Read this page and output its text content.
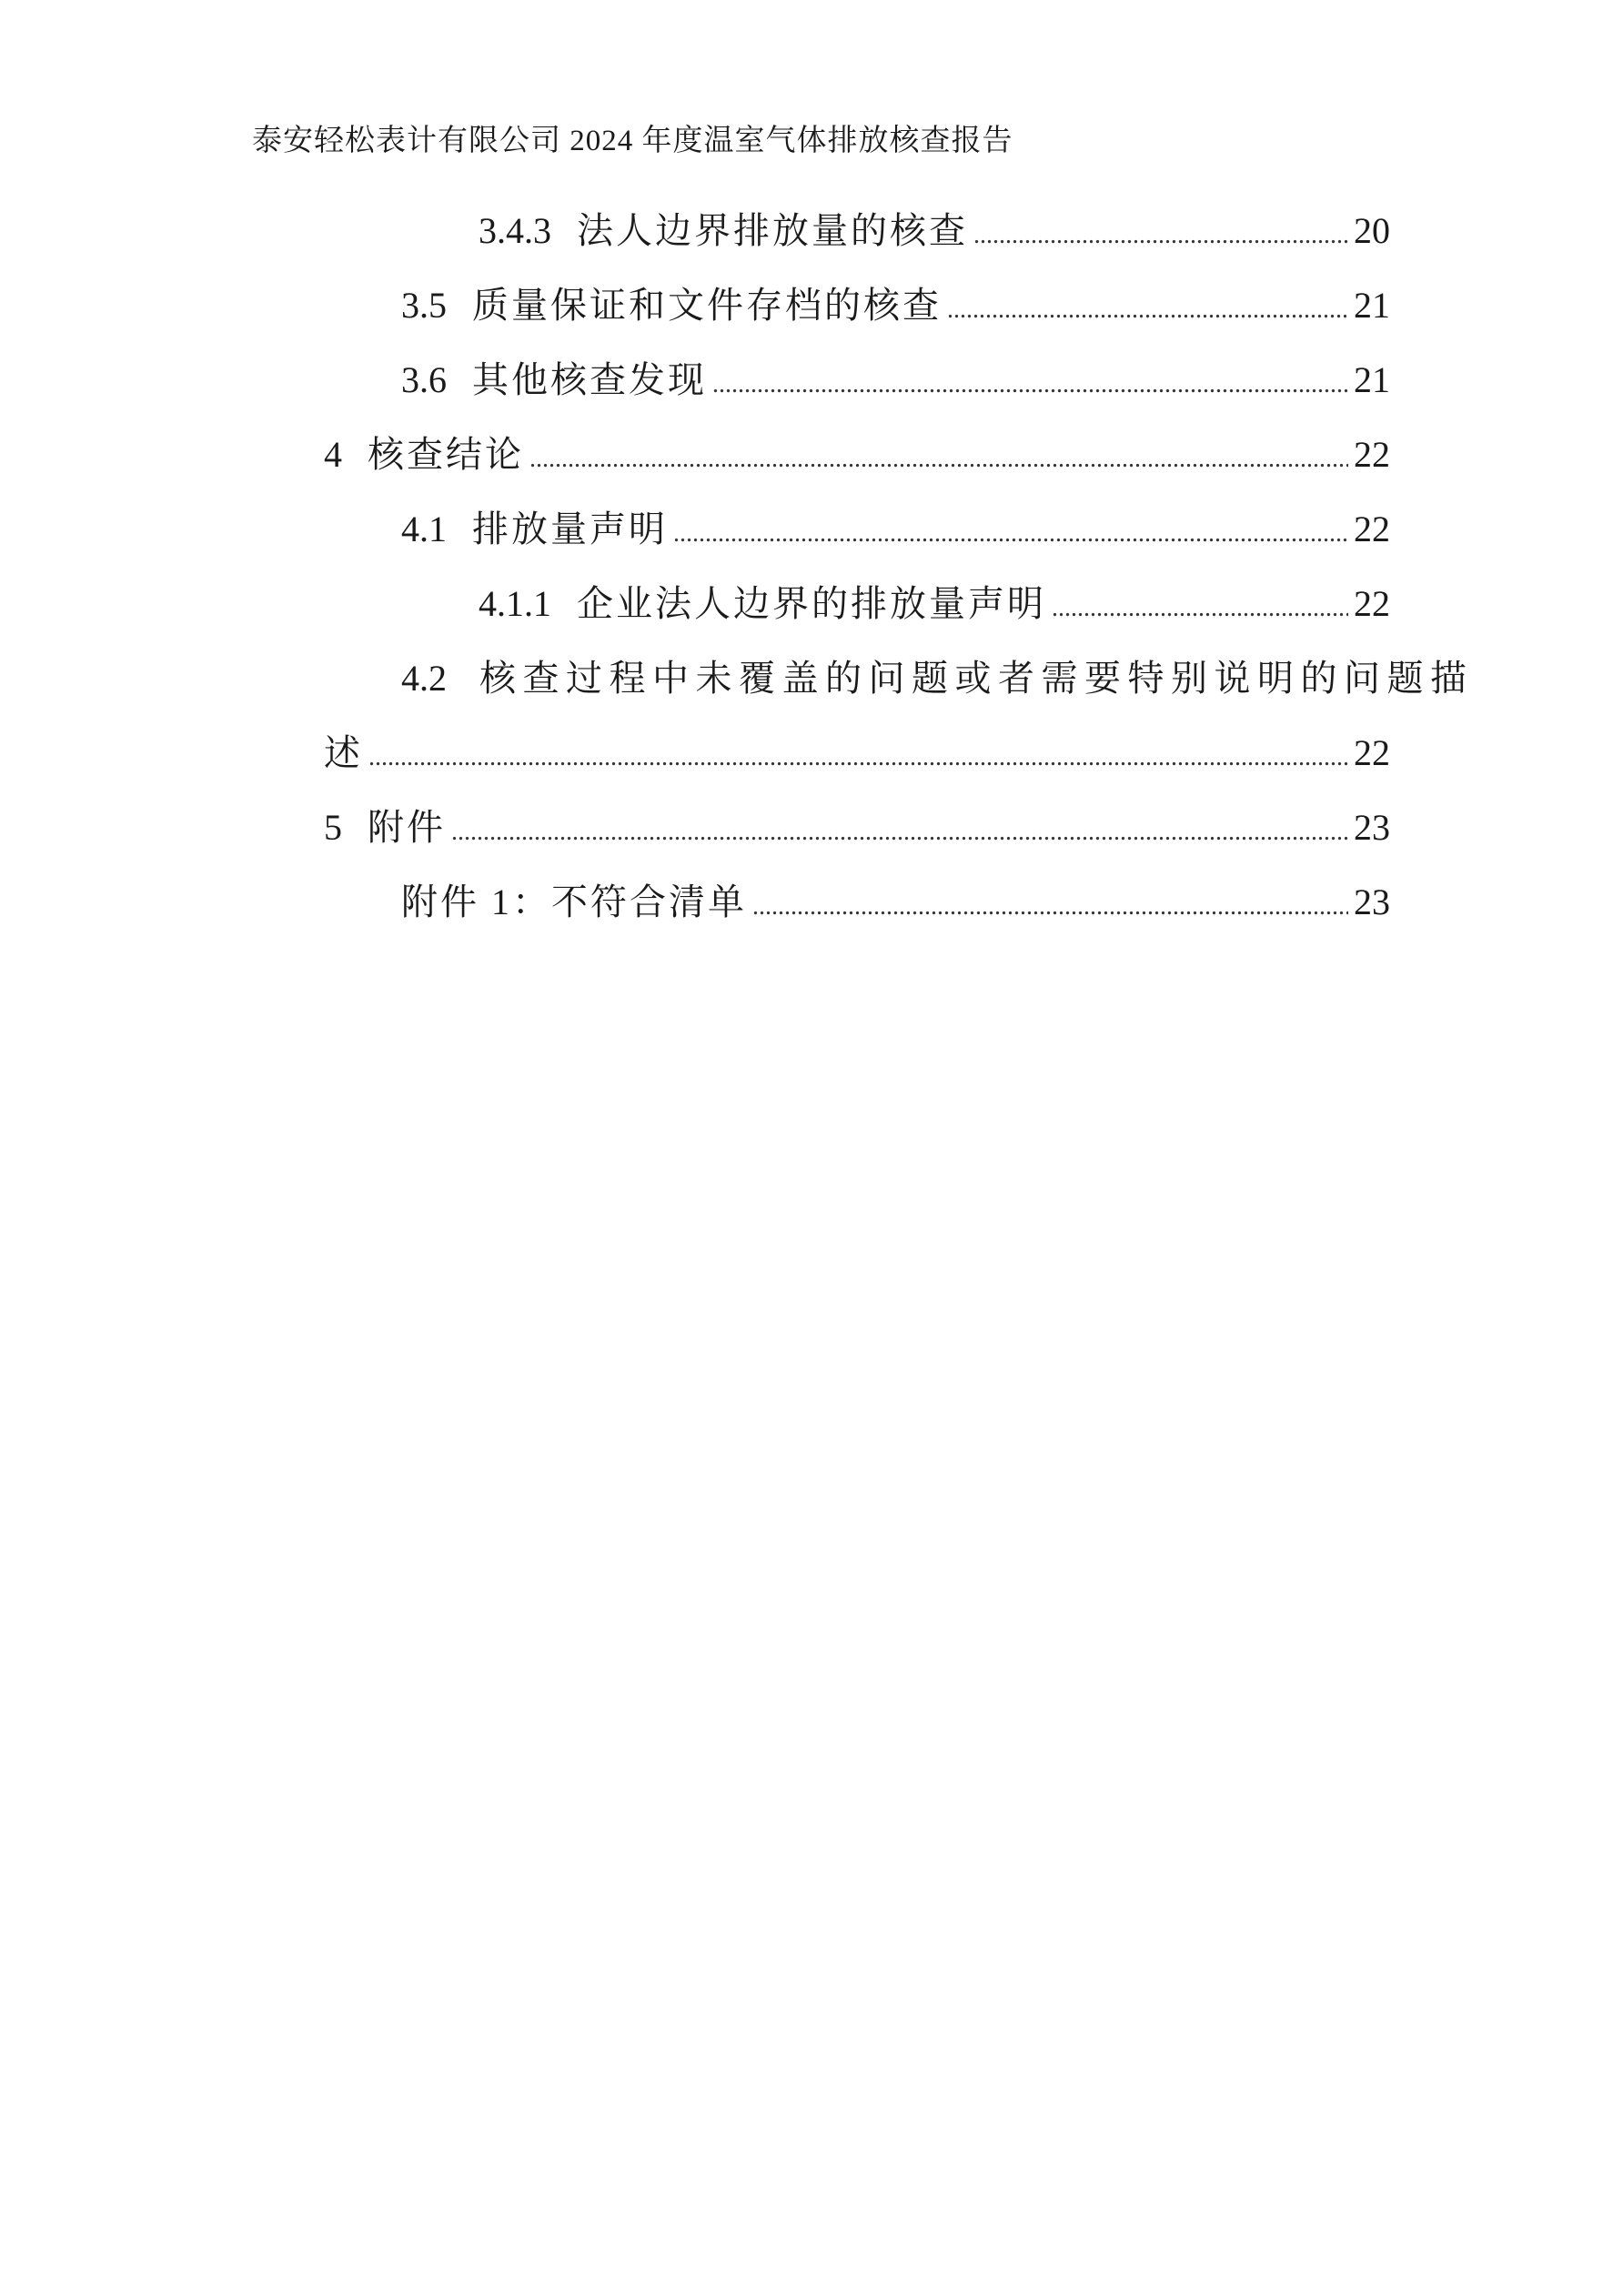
泰安轻松表计有限公司 2024 年度温室气体排放核查报告
3.4.3 法人边界排放量的核查 .....	20
3.5 质量保证和文件存档的核查 .....	21
3.6 其他核查发现 .....	21
4 核查结论 .....	22
4.1 排放量声明 .....	22
4.1.1 企业法人边界的排放量声明 .....	22
4.2 核查过程中未覆盖的问题或者需要特别说明的问题描
述 .....	22
5 附件 .....	23
附件 1：不符合清单 .....	23
